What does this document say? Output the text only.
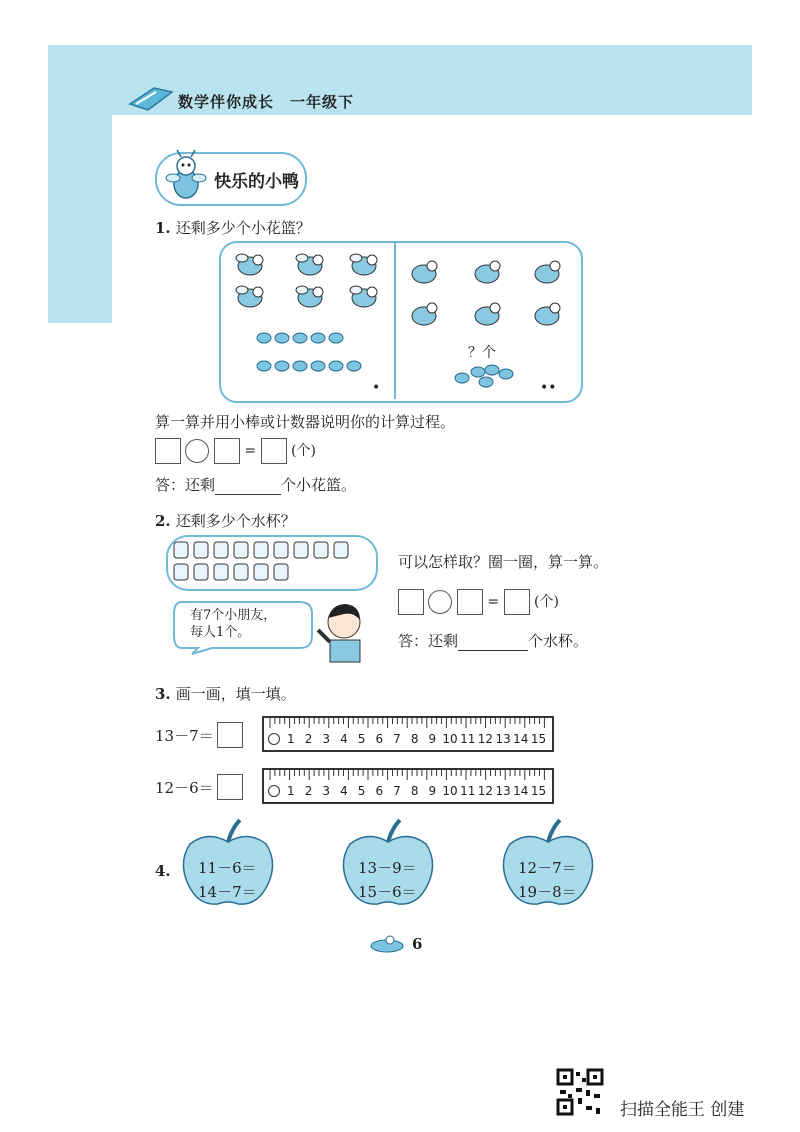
数学伴你成长　一年级下
快乐的小鸭
1. 还剩多少个小花篮？
•
？个
••
算一算并用小棒或计数器说明你的计算过程。
= (个)
答：还剩	个小花篮。
2. 还剩多少个水杯？
有7个小朋友，
每人1个。
可以怎样取？圈一圈，算一算。
= (个)
答：还剩	个水杯。
3. 画一画，填一填。
13－7＝	1 2 3 4 5 6 7 8 9 10 11 12 13 14 15
12－6＝	1 2 3 4 5 6 7 8 9 10 11 12 13 14 15
4. 11－6＝
14－7＝
13－9＝
15－6＝
12－7＝
19－8＝
6
扫描全能王 创建
